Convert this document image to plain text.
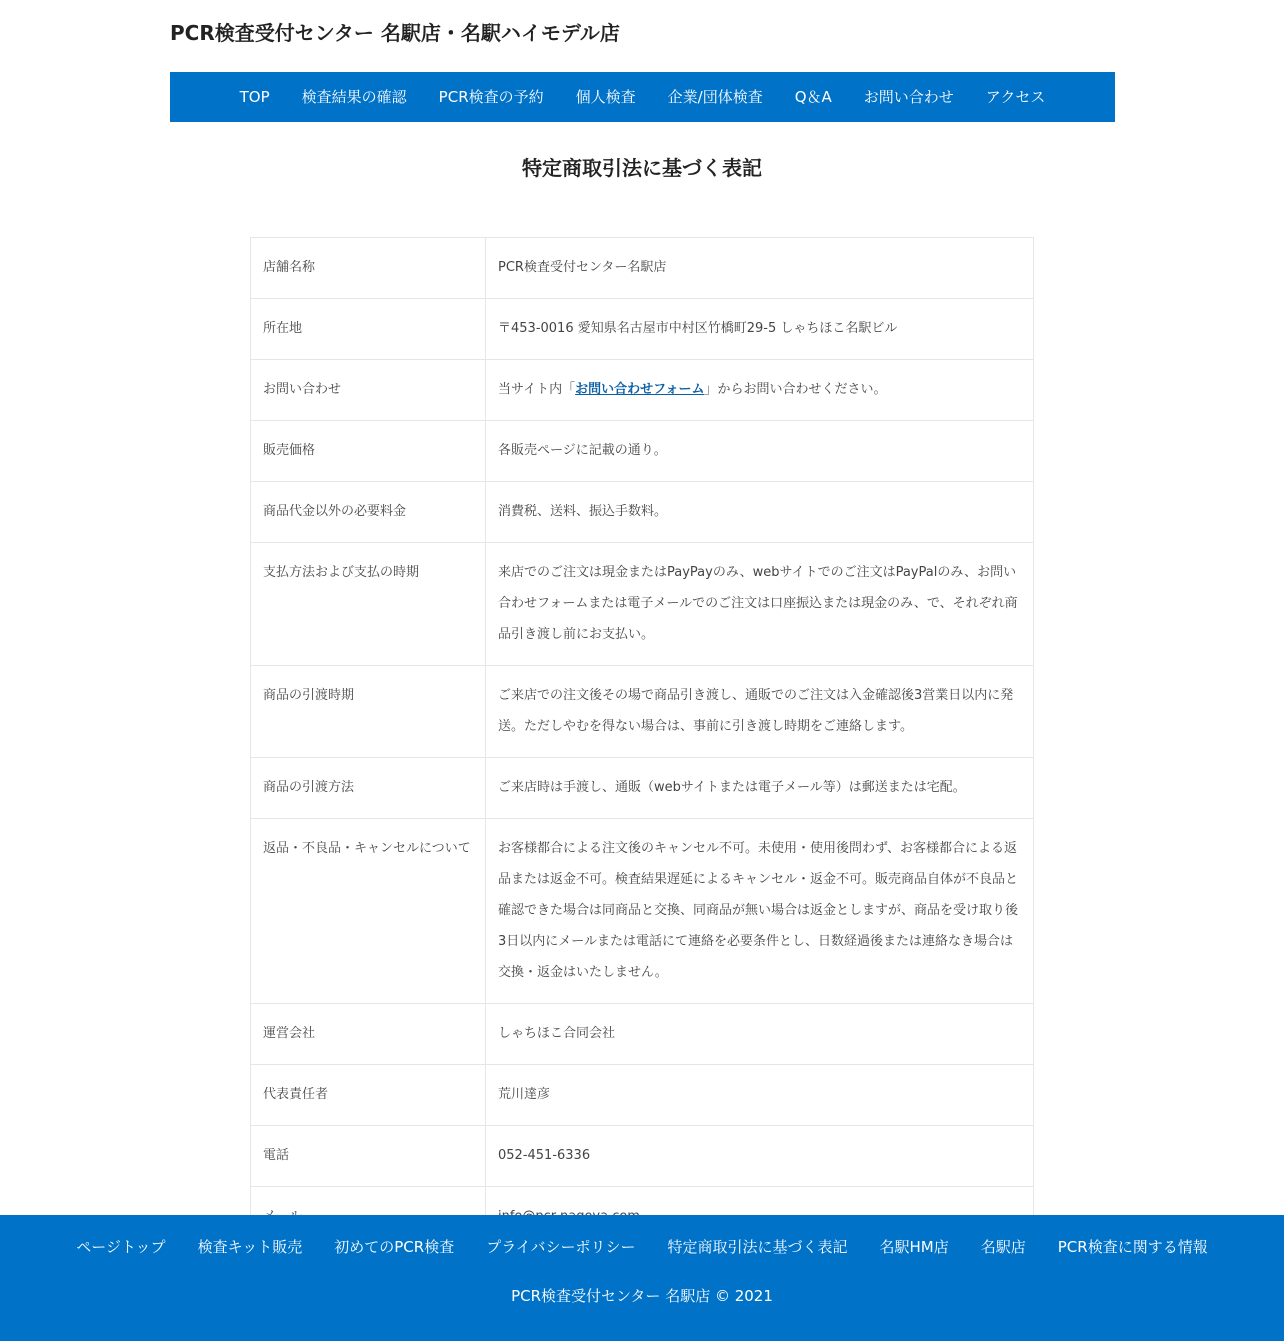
PCR検査受付センター 名駅店・名駅ハイモデル店
TOP	検査結果の確認	PCR検査の予約	個人検査	企業/団体検査	Q＆A	お問い合わせ	アクセス
特定商取引法に基づく表記
店舗名称	PCR検査受付センター名駅店
所在地	〒453-0016 愛知県名古屋市中村区竹橋町29-5 しゃちほこ名駅ビル
お問い合わせ	当サイト内「お問い合わせフォーム」からお問い合わせください。
販売価格	各販売ページに記載の通り。
商品代金以外の必要料金	消費税、送料、振込手数料。
支払方法および支払の時期	来店でのご注文は現金またはPayPayのみ、webサイトでのご注文はPayPalのみ、お問い合わせフォームまたは電子メールでのご注文は口座振込または現金のみ、で、それぞれ商品引き渡し前にお支払い。
商品の引渡時期	ご来店での注文後その場で商品引き渡し、通販でのご注文は入金確認後3営業日以内に発送。ただしやむを得ない場合は、事前に引き渡し時期をご連絡します。
商品の引渡方法	ご来店時は手渡し、通販（webサイトまたは電子メール等）は郵送または宅配。
返品・不良品・キャンセルについて	お客様都合による注文後のキャンセル不可。未使用・使用後問わず、お客様都合による返品または返金不可。検査結果遅延によるキャンセル・返金不可。販売商品自体が不良品と確認できた場合は同商品と交換、同商品が無い場合は返金としますが、商品を受け取り後3日以内にメールまたは電話にて連絡を必要条件とし、日数経過後または連絡なき場合は交換・返金はいたしません。
運営会社	しゃちほこ合同会社
代表責任者	荒川達彦
電話	052-451-6336

ページトップ	検査キット販売	初めてのPCR検査	プライバシーポリシー	特定商取引法に基づく表記	名駅HM店	名駅店	PCR検査に関する情報
PCR検査受付センター 名駅店 © 2021
